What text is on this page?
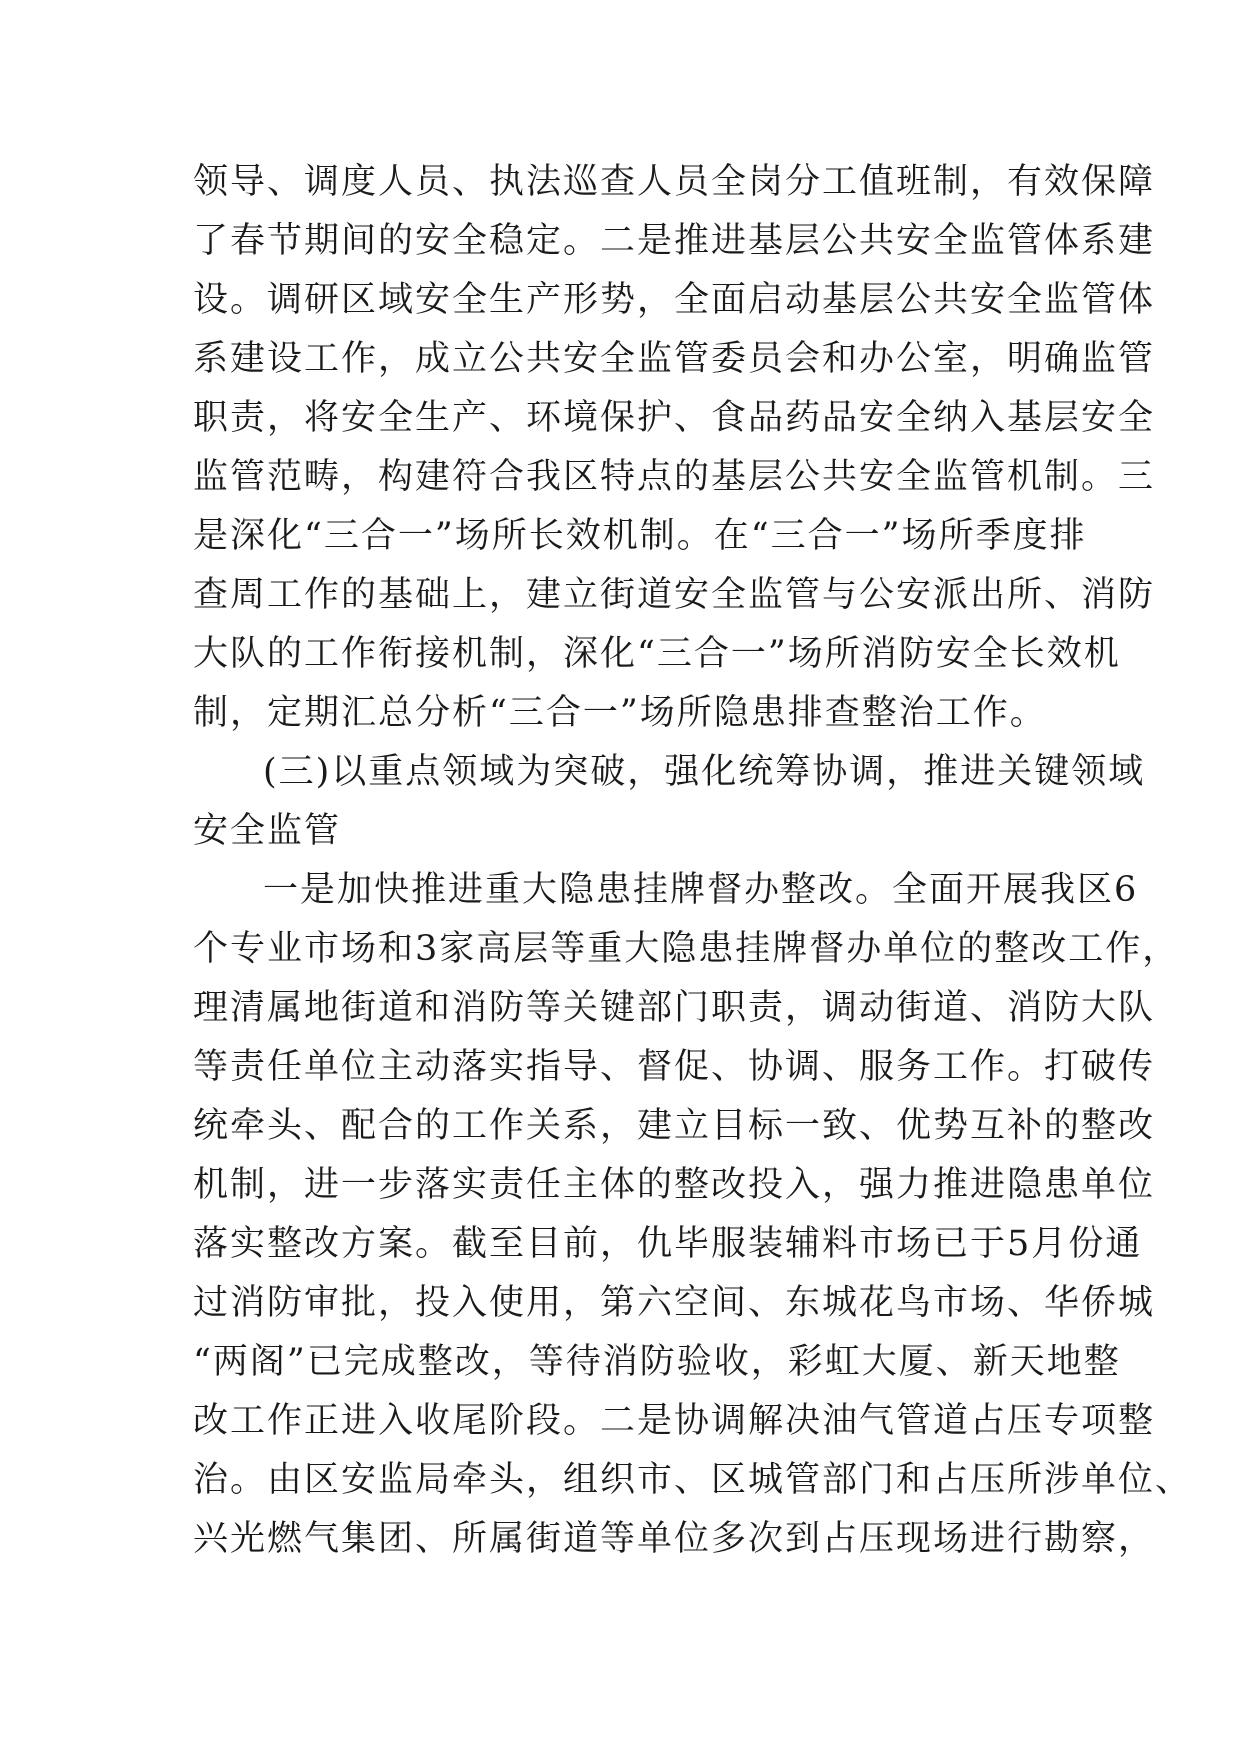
领导、调度人员、执法巡查人员全岗分工值班制，有效保障
了春节期间的安全稳定。二是推进基层公共安全监管体系建
设。调研区域安全生产形势，全面启动基层公共安全监管体
系建设工作，成立公共安全监管委员会和办公室，明确监管
职责，将安全生产、环境保护、食品药品安全纳入基层安全
监管范畴，构建符合我区特点的基层公共安全监管机制。三
是深化“三合一”场所长效机制。在“三合一”场所季度排
查周工作的基础上，建立街道安全监管与公安派出所、消防
大队的工作衔接机制，深化“三合一”场所消防安全长效机
制，定期汇总分析“三合一”场所隐患排查整治工作。
(三)以重点领域为突破，强化统筹协调，推进关键领域
安全监管
一是加快推进重大隐患挂牌督办整改。全面开展我区6
个专业市场和3家高层等重大隐患挂牌督办单位的整改工作，
理清属地街道和消防等关键部门职责，调动街道、消防大队
等责任单位主动落实指导、督促、协调、服务工作。打破传
统牵头、配合的工作关系，建立目标一致、优势互补的整改
机制，进一步落实责任主体的整改投入，强力推进隐患单位
落实整改方案。截至目前，仇毕服装辅料市场已于5月份通
过消防审批，投入使用，第六空间、东城花鸟市场、华侨城
“两阁”已完成整改，等待消防验收，彩虹大厦、新天地整
改工作正进入收尾阶段。二是协调解决油气管道占压专项整
治。由区安监局牵头，组织市、区城管部门和占压所涉单位、
兴光燃气集团、所属街道等单位多次到占压现场进行勘察，
